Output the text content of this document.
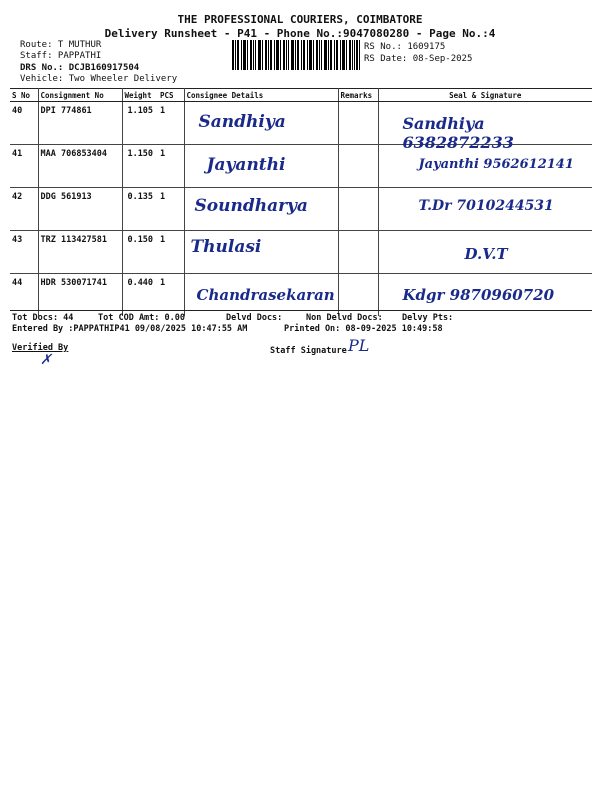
THE PROFESSIONAL COURIERS, COIMBATORE
Delivery Runsheet - P41 - Phone No.:9047080280 - Page No.:4
Route: T MUTHUR
Staff: PAPPATHI
DRS No.: DCJB160917504
Vehicle: Two Wheeler Delivery
RS No.: 1609175
RS Date: 08-Sep-2025
S No	Consignment No	Weight	PCS	Consignee Details	Remarks	Seal & Signature
40	DPI 774861	1.105	1	Sandhiya		Sandhiya 6382872233

41	MAA 706853404	1.150	1	Jayanthi		Jayanthi 9562612141

42	DDG 561913	0.135	1	Soundharya		T.Dr 7010244531

43	TRZ 113427581	0.150	1	Thulasi		D.V.T

44	HDR 530071741	0.440	1	Chandrasekaran		Kdgr 9870960720
Tot Docs: 44	Tot COD Amt: 0.00	Delvd Docs:	Non Delvd Docs: Delvy Pts:
Entered By :PAPPATHIP41 09/08/2025 10:47:55 AM	Printed On: 08-09-2025 10:49:58
Verified By
✗
Staff Signature PL
